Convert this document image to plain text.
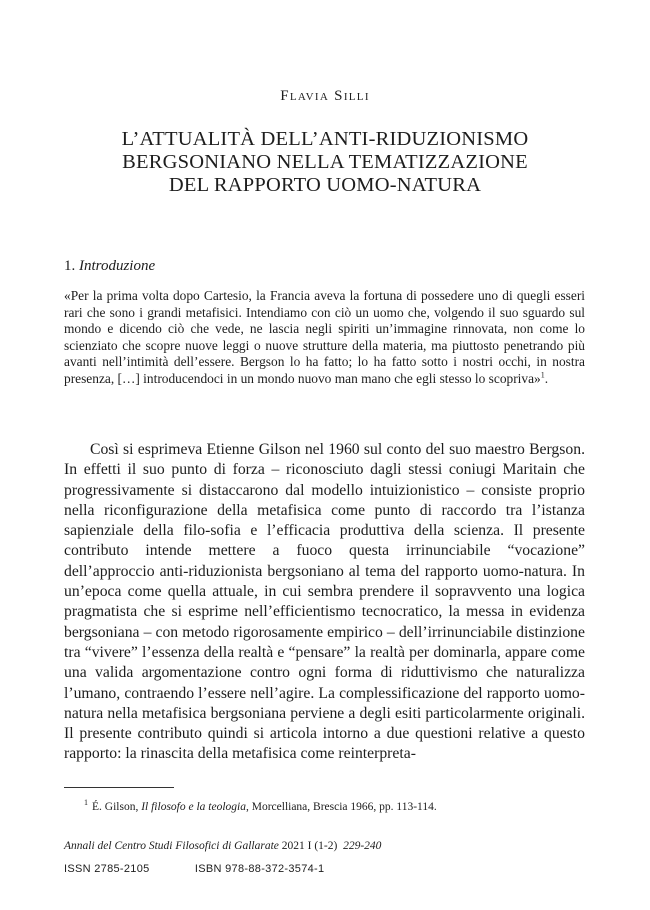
Flavia Silli
L’ATTUALITÀ DELL’ANTI-RIDUZIONISMO
BERGSONIANO NELLA TEMATIZZAZIONE
DEL RAPPORTO UOMO-NATURA
1. Introduzione
«Per la prima volta dopo Cartesio, la Francia aveva la fortuna di possedere uno di quegli esseri rari che sono i grandi metafisici. Intendiamo con ciò un uomo che, volgendo il suo sguardo sul mondo e dicendo ciò che vede, ne lascia negli spiriti un’immagine rinnovata, non come lo scienziato che scopre nuove leggi o nuove strutture della materia, ma piuttosto penetrando più avanti nell’intimità dell’essere. Bergson lo ha fatto; lo ha fatto sotto i nostri occhi, in nostra presenza, […] introducendoci in un mondo nuovo man mano che egli stesso lo scopriva»$^1$.
Così si esprimeva Etienne Gilson nel 1960 sul conto del suo maestro Bergson. In effetti il suo punto di forza – riconosciuto dagli stessi coniugi Maritain che progressivamente si distaccarono dal modello intuizionistico – consiste proprio nella riconfigurazione della metafisica come punto di raccordo tra l’istanza sapienziale della filo-sofia e l’efficacia produttiva della scienza. Il presente contributo intende mettere a fuoco questa irrinunciabile “vocazione” dell’approccio anti-riduzionista bergsoniano al tema del rapporto uomo-natura. In un’epoca come quella attuale, in cui sembra prendere il sopravvento una logica pragmatista che si esprime nell’efficientismo tecnocratico, la messa in evidenza bergsoniana – con metodo rigorosamente empirico – dell’irrinunciabile distinzione tra “vivere” l’essenza della realtà e “pensare” la realtà per dominarla, appare come una valida argomentazione contro ogni forma di riduttivismo che naturalizza l’umano, contraendo l’essere nell’agire. La complessificazione del rapporto uomo-natura nella metafisica bergsoniana perviene a degli esiti particolarmente originali. Il presente contributo quindi si articola intorno a due questioni relative a questo rapporto: la rinascita della metafisica come reinterpreta-
$^1$ É. Gilson, Il filosofo e la teologia, Morcelliana, Brescia 1966, pp. 113-114.
Annali del Centro Studi Filosofici di Gallarate 2021 I (1-2) 229-240
ISSN 2785-2105	ISBN 978-88-372-3574-1
